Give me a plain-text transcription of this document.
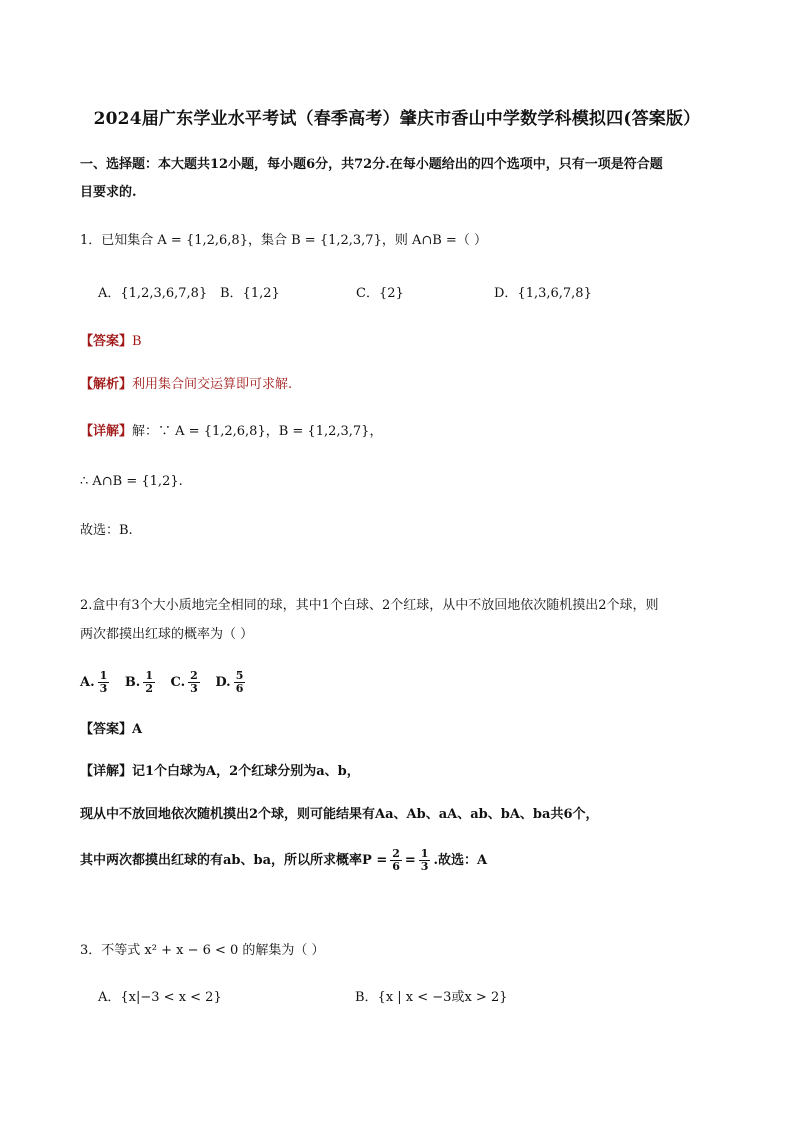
2024届广东学业水平考试（春季高考）肇庆市香山中学数学科模拟四(答案版）
一、选择题：本大题共12小题，每小题6分，共72分.在每小题给出的四个选项中，只有一项是符合题
目要求的.
1．已知集合 A = {1,2,6,8}，集合 B = {1,2,3,7}，则 A∩B =（ ）
A．{1,2,3,6,7,8} B．{1,2}	C．{2}	D．{1,3,6,7,8}
【答案】B
【解析】利用集合间交运算即可求解.
【详解】解：∵ A = {1,2,6,8}，B = {1,2,3,7}，
∴ A∩B = {1,2}.
故选：B.
2.盒中有3个大小质地完全相同的球，其中1个白球、2个红球，从中不放回地依次随机摸出2个球，则
两次都摸出红球的概率为（ ）
A. $\frac{1}{3} B$. $\frac{1}{2} C$. $\frac{2}{3} D$. $\frac{5}{6}$
【答案】A
【详解】记1个白球为A，2个红球分别为a、b，
现从中不放回地依次随机摸出2个球，则可能结果有Aa、Ab、aA、ab、bA、ba共6个，
其中两次都摸出红球的有ab、ba，所以所求概率$P = \frac{2}{6} = \frac{1}{3}$ .故选：A
3．不等式 x² + x − 6 < 0 的解集为（ ）
A．{x|−3 < x < 2}	B．{x | x < −3或x > 2}
